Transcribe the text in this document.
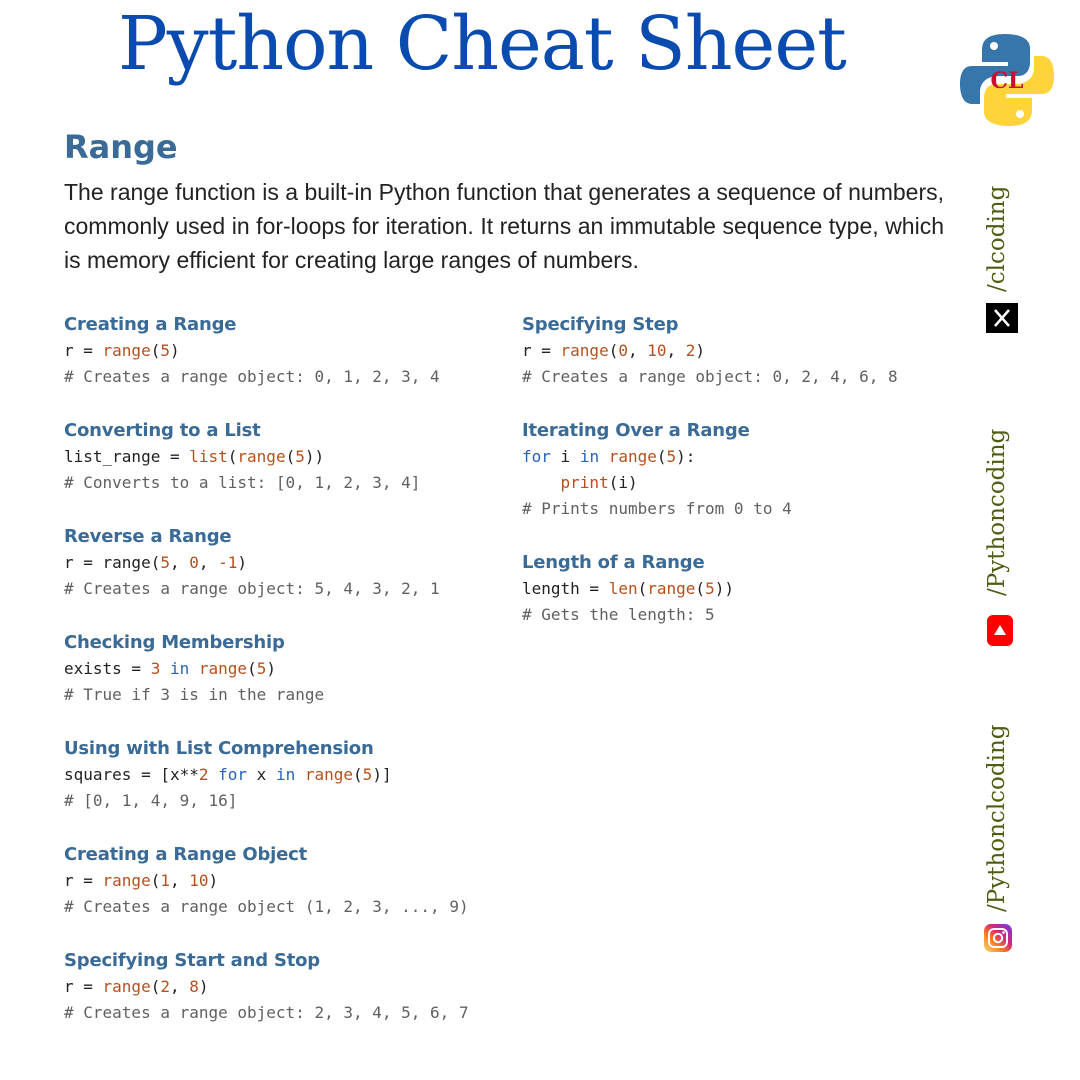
Python Cheat Sheet	CL
Range

The range function is a built-in Python function that generates a sequence of numbers, commonly used in for-loops for iteration. It returns an immutable sequence type, which is memory efficient for creating large ranges of numbers.

Creating a Range
r = range(5)
# Creates a range object: 0, 1, 2, 3, 4
Converting to a List
list_range = list(range(5))
# Converts to a list: [0, 1, 2, 3, 4]
Reverse a Range
r = range(5, 0, -1)
# Creates a range object: 5, 4, 3, 2, 1
Checking Membership
exists = 3 in range(5)
# True if 3 is in the range
Using with List Comprehension
squares = [x**2 for x in range(5)]
# [0, 1, 4, 9, 16]
Creating a Range Object
r = range(1, 10)
# Creates a range object (1, 2, 3, ..., 9)
Specifying Start and Stop
r = range(2, 8)
# Creates a range object: 2, 3, 4, 5, 6, 7
Specifying Step
r = range(0, 10, 2)
# Creates a range object: 0, 2, 4, 6, 8
Iterating Over a Range
for i in range(5):
print(i)
# Prints numbers from 0 to 4
Length of a Range
length = len(range(5))
# Gets the length: 5
/clcoding
/Pythoncoding
/Pythonclcoding
